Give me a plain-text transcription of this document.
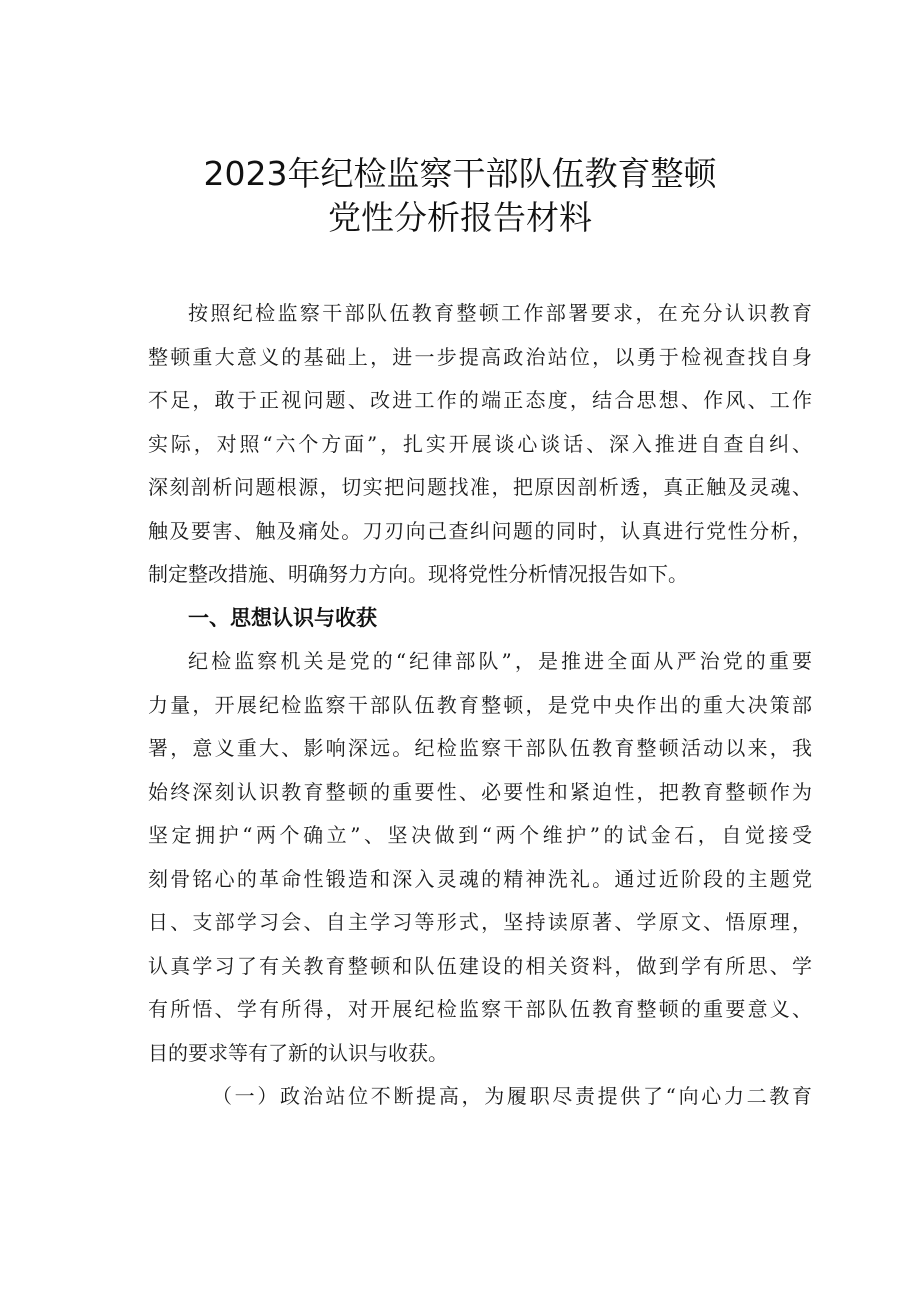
2023年纪检监察干部队伍教育整顿
党性分析报告材料
按照纪检监察干部队伍教育整顿工作部署要求，在充分认识教育
整顿重大意义的基础上，进一步提高政治站位，以勇于检视查找自身
不足，敢于正视问题、改进工作的端正态度，结合思想、作风、工作
实际，对照“六个方面”，扎实开展谈心谈话、深入推进自查自纠、
深刻剖析问题根源，切实把问题找准，把原因剖析透，真正触及灵魂、
触及要害、触及痛处。刀刃向己查纠问题的同时，认真进行党性分析，
制定整改措施、明确努力方向。现将党性分析情况报告如下。
一、思想认识与收获
纪检监察机关是党的“纪律部队”，是推进全面从严治党的重要
力量，开展纪检监察干部队伍教育整顿，是党中央作出的重大决策部
署，意义重大、影响深远。纪检监察干部队伍教育整顿活动以来，我
始终深刻认识教育整顿的重要性、必要性和紧迫性，把教育整顿作为
坚定拥护“两个确立”、坚决做到“两个维护”的试金石，自觉接受
刻骨铭心的革命性锻造和深入灵魂的精神洗礼。通过近阶段的主题党
日、支部学习会、自主学习等形式，坚持读原著、学原文、悟原理，
认真学习了有关教育整顿和队伍建设的相关资料，做到学有所思、学
有所悟、学有所得，对开展纪检监察干部队伍教育整顿的重要意义、
目的要求等有了新的认识与收获。
（一）政治站位不断提高，为履职尽责提供了“向心力二教育
